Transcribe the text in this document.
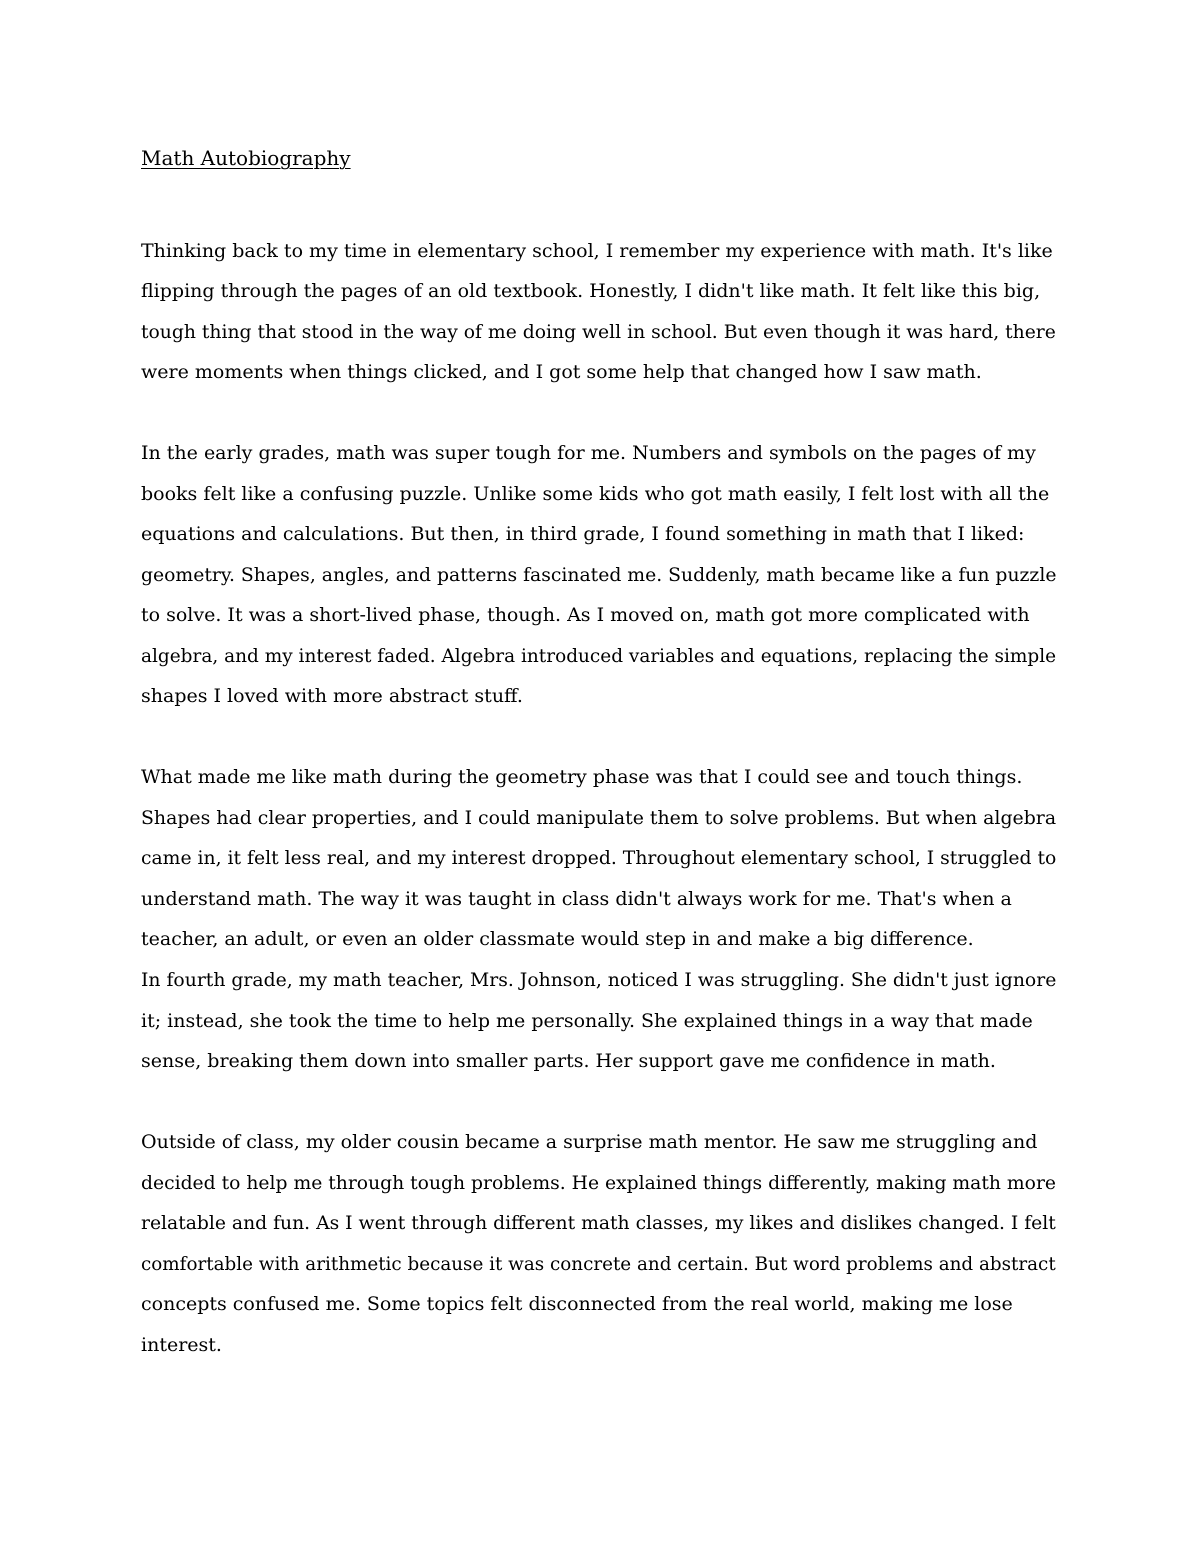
Math Autobiography
Thinking back to my time in elementary school, I remember my experience with math. It's like
flipping through the pages of an old textbook. Honestly, I didn't like math. It felt like this big,
tough thing that stood in the way of me doing well in school. But even though it was hard, there
were moments when things clicked, and I got some help that changed how I saw math.
In the early grades, math was super tough for me. Numbers and symbols on the pages of my
books felt like a confusing puzzle. Unlike some kids who got math easily, I felt lost with all the
equations and calculations. But then, in third grade, I found something in math that I liked:
geometry. Shapes, angles, and patterns fascinated me. Suddenly, math became like a fun puzzle
to solve. It was a short-lived phase, though. As I moved on, math got more complicated with
algebra, and my interest faded. Algebra introduced variables and equations, replacing the simple
shapes I loved with more abstract stuff.
What made me like math during the geometry phase was that I could see and touch things.
Shapes had clear properties, and I could manipulate them to solve problems. But when algebra
came in, it felt less real, and my interest dropped. Throughout elementary school, I struggled to
understand math. The way it was taught in class didn't always work for me. That's when a
teacher, an adult, or even an older classmate would step in and make a big difference.
In fourth grade, my math teacher, Mrs. Johnson, noticed I was struggling. She didn't just ignore
it; instead, she took the time to help me personally. She explained things in a way that made
sense, breaking them down into smaller parts. Her support gave me confidence in math.
Outside of class, my older cousin became a surprise math mentor. He saw me struggling and
decided to help me through tough problems. He explained things differently, making math more
relatable and fun. As I went through different math classes, my likes and dislikes changed. I felt
comfortable with arithmetic because it was concrete and certain. But word problems and abstract
concepts confused me. Some topics felt disconnected from the real world, making me lose
interest.
